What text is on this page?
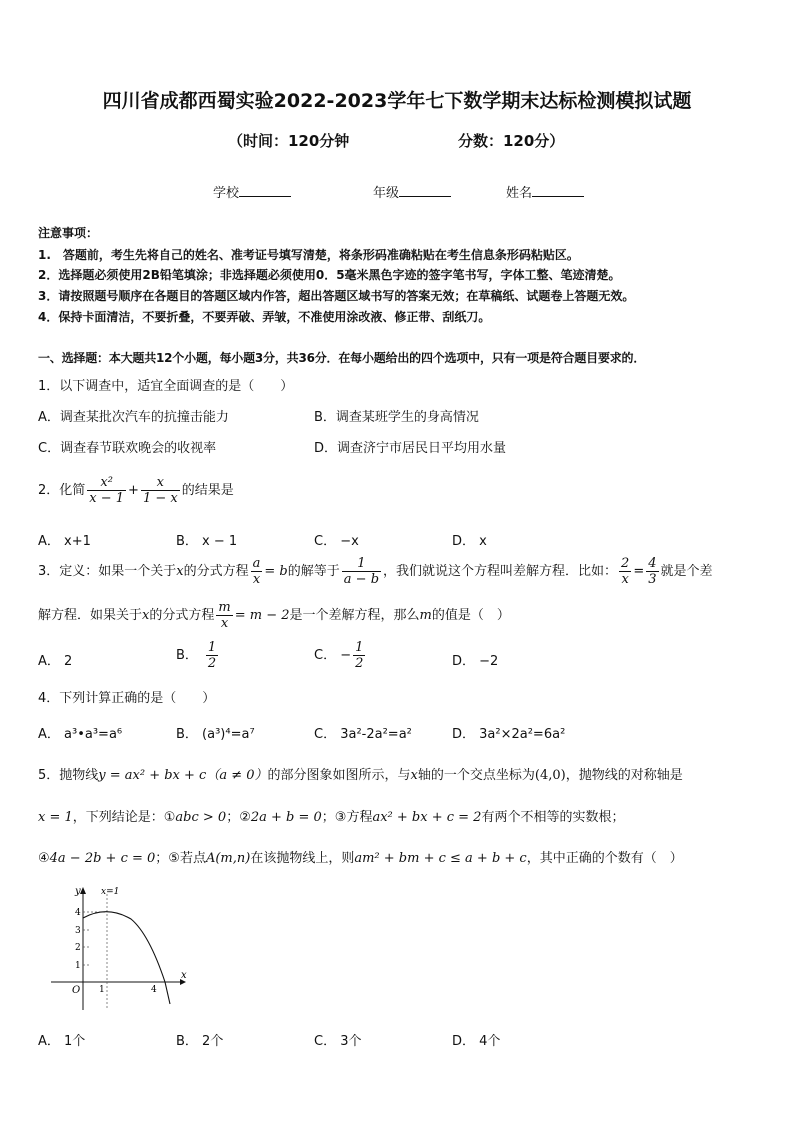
四川省成都西蜀实验2022-2023学年七下数学期末达标检测模拟试题
（时间：120分钟	分数：120分）
学校	年级	姓名
注意事项：
1.　答题前，考生先将自己的姓名、准考证号填写清楚，将条形码准确粘贴在考生信息条形码粘贴区。
2．选择题必须使用2B铅笔填涂；非选择题必须使用0．5毫米黑色字迹的签字笔书写，字体工整、笔迹清楚。
3．请按照题号顺序在各题目的答题区域内作答，超出答题区域书写的答案无效；在草稿纸、试题卷上答题无效。
4．保持卡面清洁，不要折叠，不要弄破、弄皱，不准使用涂改液、修正带、刮纸刀。
一、选择题：本大题共12个小题，每小题3分，共36分．在每小题给出的四个选项中，只有一项是符合题目要求的．
1．以下调查中，适宜全面调查的是（　　）
A．调查某批次汽车的抗撞击能力	B．调查某班学生的身高情况
C．调查春节联欢晚会的收视率	D．调查济宁市居民日平均用水量
2．化简 $\frac{\text{x²}}{x - 1} + \frac{x}{1 - x}$ 的结果是
A． x+1	B． x − 1	C． −x	D． x
3．定义：如果一个关于x的分式方程 $\frac{a}{x} = b$的解等于 $\frac{1}{a - b}$ ，我们就说这个方程叫差解方程．比如： $\frac{2}{x} = \frac{4}{3}$ 就是个差
解方程．如果关于x的分式方程 $\frac{m}{x} = m - 2$是一个差解方程，那么m的值是（　）
A． 2	B． $\frac{1}{2}$	C． − $\frac{1}{2}$	D． −2
4．下列计算正确的是（　　）
A． a³•a³=a⁶	B． (a³)⁴=a⁷	C． 3a²-2a²=a²	D． 3a²×2a²=6a²
5．抛物线y = ax² + bx + c（a ≠ 0）的部分图象如图所示，与x轴的一个交点坐标为(4,0)，抛物线的对称轴是
x = 1，下列结论是：①abc > 0；②2a + b = 0；③方程ax² + bx + c = 2有两个不相等的实数根；
④4a − 2b + c = 0；⑤若点A(m,n)在该抛物线上，则am² + bm + c ≤ a + b + c，其中正确的个数有（　）
y
x
O
x=1
4
3
2
1
1	4
A． 1个	B． 2个	C． 3个	D． 4个
